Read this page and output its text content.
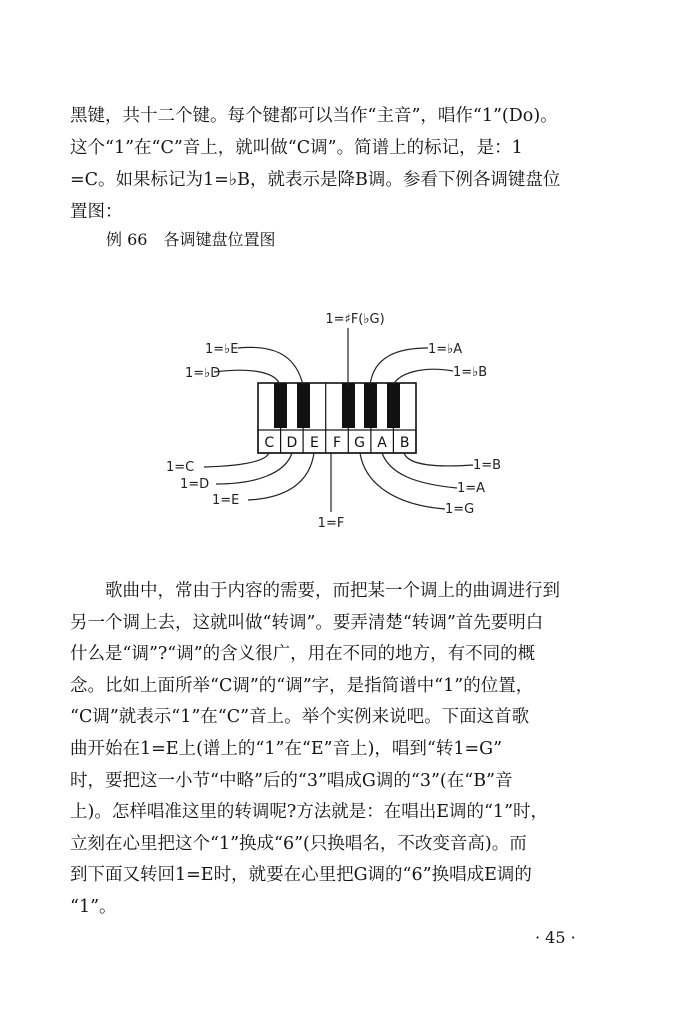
黑键，共十二个键。每个键都可以当作“主音”，唱作“1”(Do)。
这个“1”在“C”音上，就叫做“C调”。简谱上的标记，是：1
=C。如果标记为1=♭B，就表示是降B调。参看下例各调键盘位
置图：
例 66 各调键盘位置图
C D E F G A B
1=♯F(♭G)
1=♭E
1=♭D
1=♭A
1=♭B
1=C
1=D
1=E
1=F
1=B
1=A
1=G
歌曲中，常由于内容的需要，而把某一个调上的曲调进行到
另一个调上去，这就叫做“转调”。要弄清楚“转调”首先要明白
什么是“调”?“调”的含义很广，用在不同的地方，有不同的概
念。比如上面所举“C调”的“调”字，是指简谱中“1”的位置，
“C调”就表示“1”在“C”音上。举个实例来说吧。下面这首歌
曲开始在1=E上(谱上的“1”在“E”音上)，唱到“转1=G”
时，要把这一小节“中略”后的“3”唱成G调的“3”(在“B”音
上)。怎样唱准这里的转调呢?方法就是：在唱出E调的“1”时，
立刻在心里把这个“1”换成“6”(只换唱名，不改变音高)。而
到下面又转回1=E时，就要在心里把G调的“6”换唱成E调的
“1”。
· 45 ·
